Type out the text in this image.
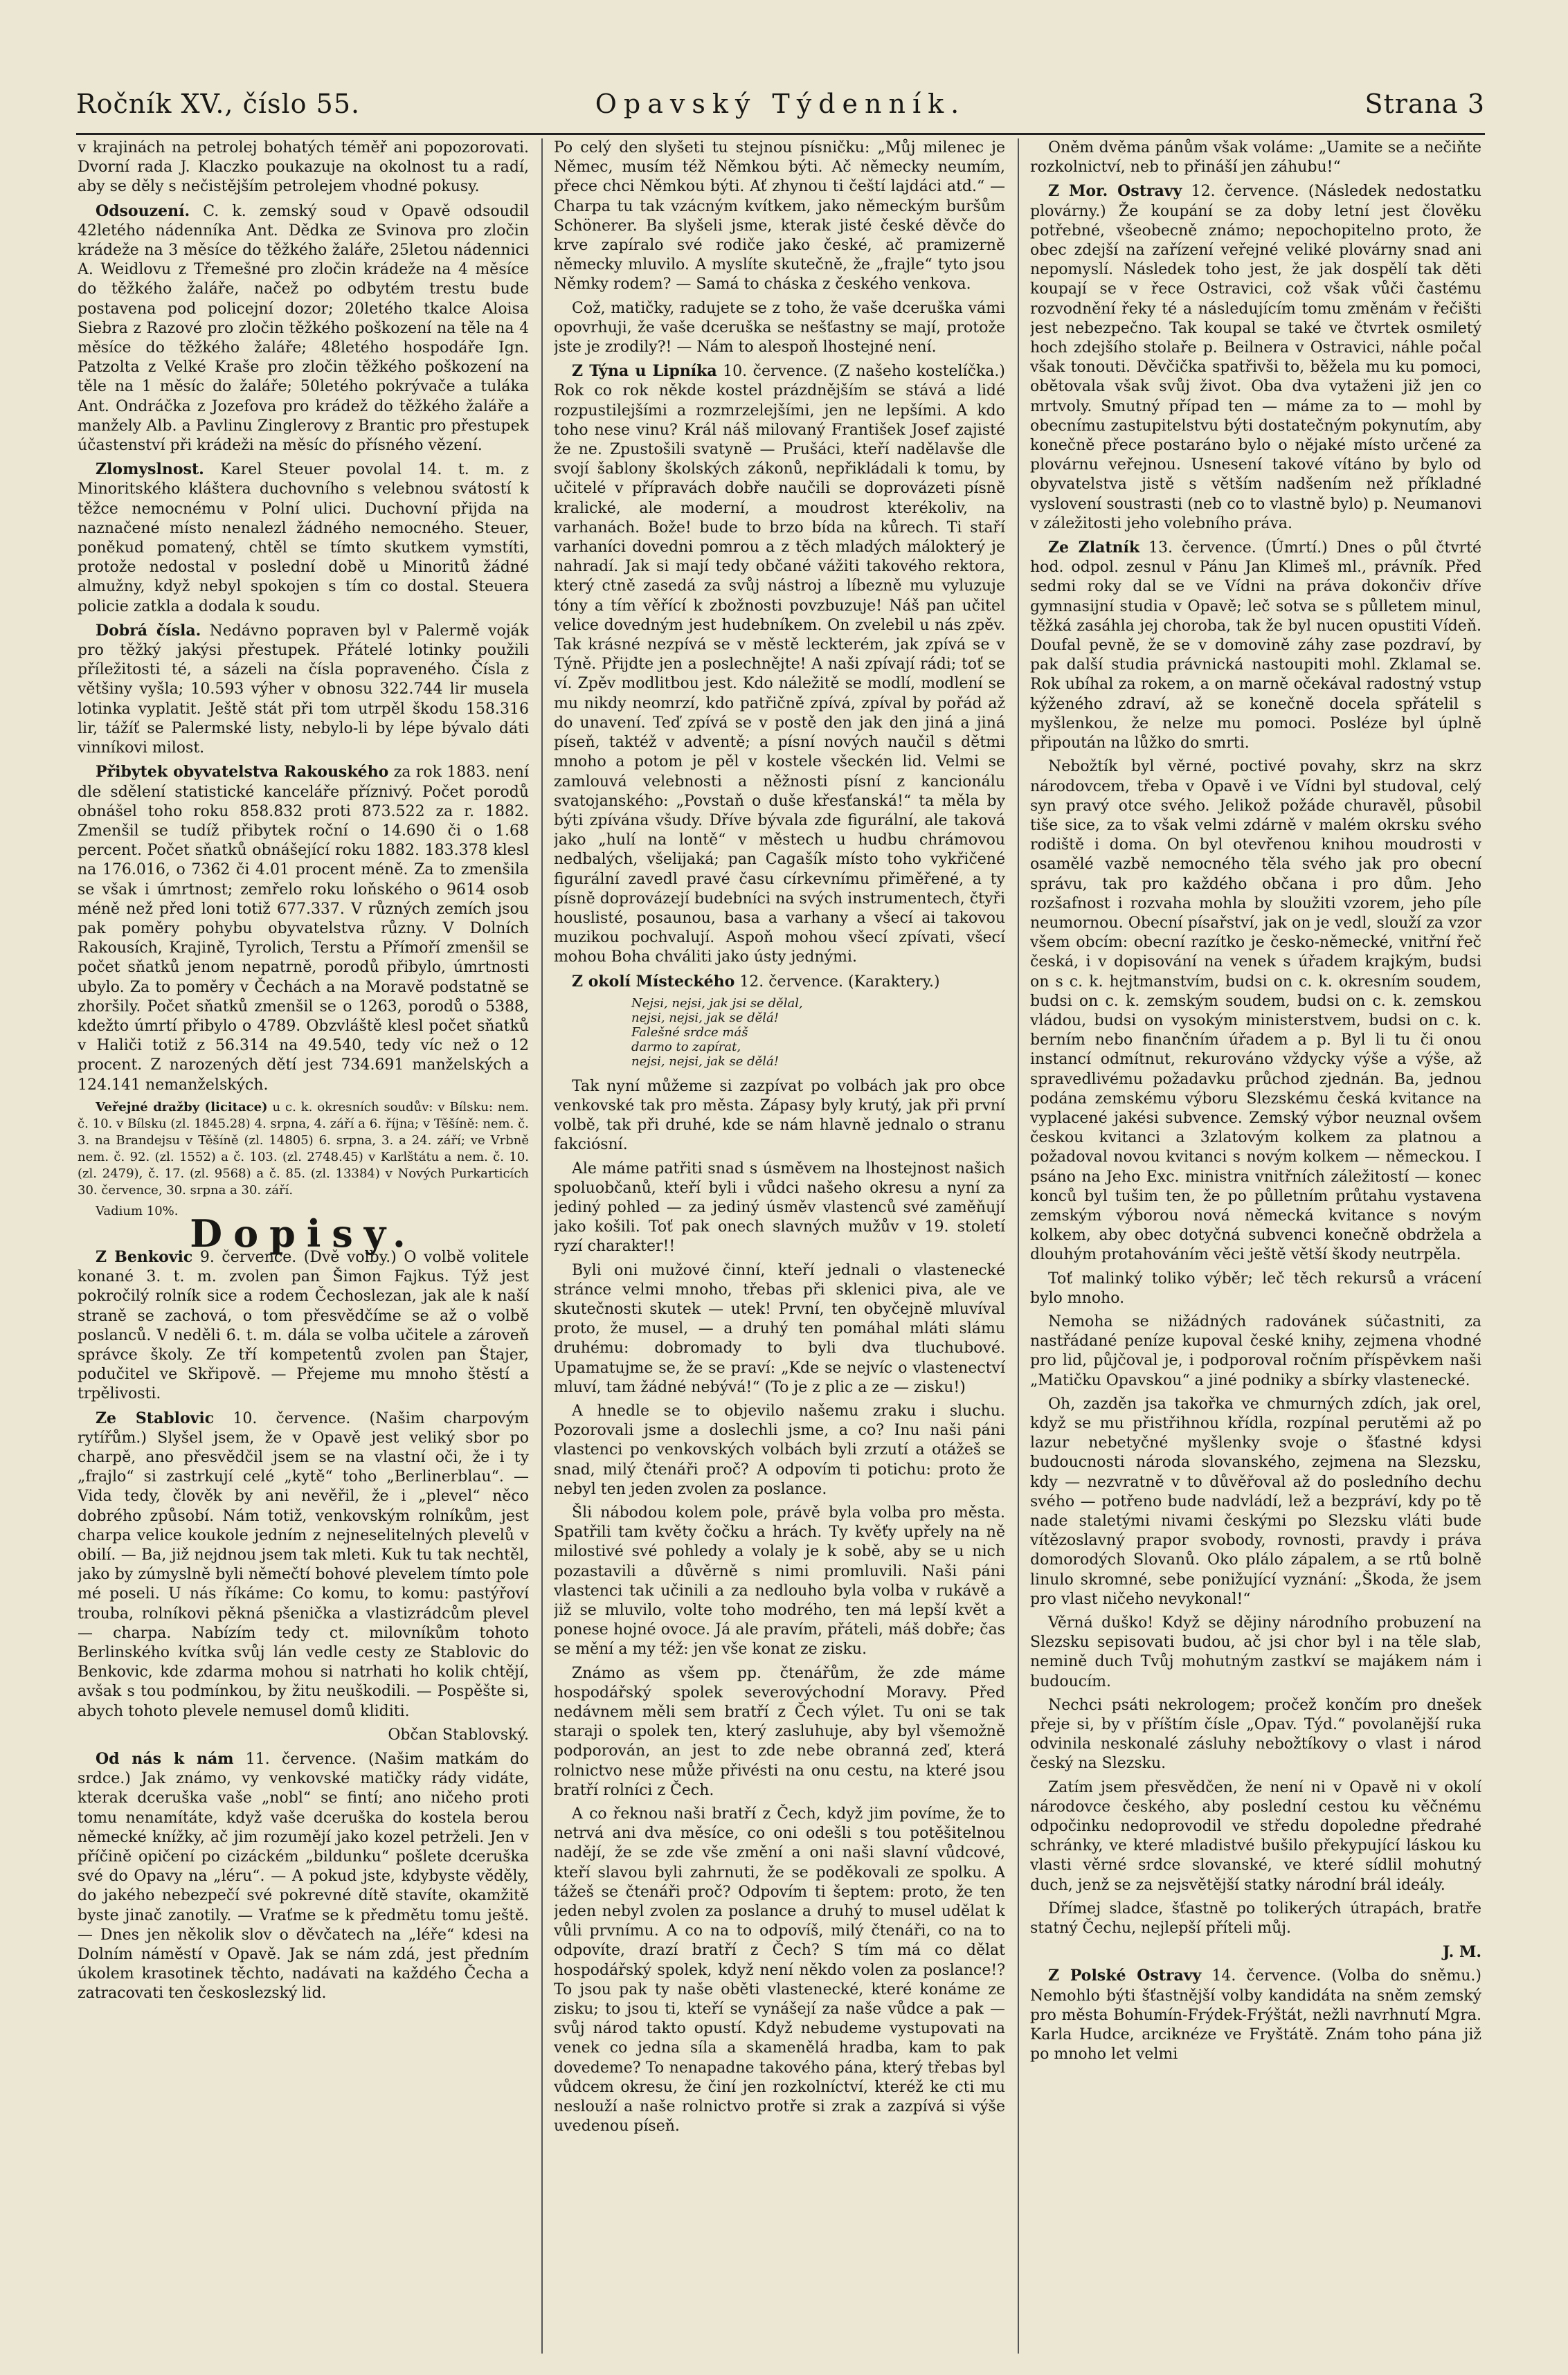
Ročník XV., číslo 55.	Opavský Týdenník.	Strana 3

v krajinách na petrolej bohatých téměř ani popozorovati. Dvorní rada J. Klaczko poukazuje na okolnost tu a radí, aby se děly s nečistějším petrolejem vhodné pokusy.

Odsouzení. C. k. zemský soud v Opavě odsoudil 42letého nádenníka Ant. Dědka ze Svinova pro zločin krádeže na 3 měsíce do těžkého žaláře, 25letou nádennici A. Weidlovu z Třemešné pro zločin krádeže na 4 měsíce do těžkého žaláře, načež po odbytém trestu bude postavena pod policejní dozor; 20letého tkalce Aloisa Siebra z Razové pro zločin těžkého poškození na těle na 4 měsíce do těžkého žaláře; 48letého hospodáře Ign. Patzolta z Velké Kraše pro zločin těžkého poškození na těle na 1 měsíc do žaláře; 50letého pokrývače a tuláka Ant. Ondráčka z Jozefova pro krádež do těžkého žaláře a manžely Alb. a Pavlinu Zinglerovy z Brantic pro přestupek účastenství při krádeži na měsíc do přísného vězení.

Zlomyslnost. Karel Steuer povolal 14. t. m. z Minoritského kláštera duchovního s velebnou svátostí k těžce nemocnému v Polní ulici. Duchovní přijda na naznačené místo nenalezl žádného nemocného. Steuer, poněkud pomatený, chtěl se tímto skutkem vymstíti, protože nedostal v poslední době u Minoritů žádné almužny, když nebyl spokojen s tím co dostal. Steuera policie zatkla a dodala k soudu.

Dobrá čísla. Nedávno popraven byl v Palermě voják pro těžký jakýsi přestupek. Přátelé lotinky použili příležitosti té, a sázeli na čísla popraveného. Čísla z většiny vyšla; 10.593 výher v obnosu 322.744 lir musela lotinka vyplatit. Ještě stát při tom utrpěl škodu 158.316 lir, tážíť se Palermské listy, nebylo-li by lépe bývalo dáti vinníkovi milost.

Přibytek obyvatelstva Rakouského za rok 1883. není dle sdělení statistické kanceláře příznivý. Počet porodů obnášel toho roku 858.832 proti 873.522 za r. 1882. Zmenšil se tudíž přibytek roční o 14.690 či o 1.68 percent. Počet sňatků obnášející roku 1882. 183.378 klesl na 176.016, o 7362 či 4.01 procent méně. Za to zmenšila se však i úmrtnost; zemřelo roku loňského o 9614 osob méně než před loni totiž 677.337. V různých zemích jsou pak poměry pohybu obyvatelstva různy. V Dolních Rakousích, Krajině, Tyrolich, Terstu a Přímoří zmenšil se počet sňatků jenom nepatrně, porodů přibylo, úmrtnosti ubylo. Za to poměry v Čechách a na Moravě podstatně se zhoršily. Počet sňatků zmenšil se o 1263, porodů o 5388, kdežto úmrtí přibylo o 4789. Obzvláště klesl počet sňatků v Haliči totiž z 56.314 na 49.540, tedy víc než o 12 procent. Z narozených dětí jest 734.691 manželských a 124.141 nemanželských.

Veřejné dražby (licitace) u c. k. okresních soudův: v Bílsku: nem. č. 10. v Bílsku (zl. 1845.28) 4. srpna, 4. září a 6. října; v Těšíně: nem. č. 3. na Brandejsu v Těšíně (zl. 14805) 6. srpna, 3. a 24. září; ve Vrbně nem. č. 92. (zl. 1552) a č. 103. (zl. 2748.45) v Karlštátu a nem. č. 10. (zl. 2479), č. 17. (zl. 9568) a č. 85. (zl. 13384) v Nových Purkarticích 30. července, 30. srpna a 30. září.

Vadium 10%.

Dopisy.

Z Benkovic 9. července. (Dvě volby.) O volbě volitele konané 3. t. m. zvolen pan Šimon Fajkus. Týž jest pokročilý rolník sice a rodem Čechoslezan, jak ale k naší straně se zachová, o tom přesvědčíme se až o volbě poslanců. V neděli 6. t. m. dála se volba učitele a zároveň správce školy. Ze tří kompetentů zvolen pan Štajer, podučitel ve Skřipově. — Přejeme mu mnoho štěstí a trpělivosti.

Ze Stablovic 10. července. (Našim charpovým rytířům.) Slyšel jsem, že v Opavě jest veliký sbor po charpě, ano přesvědčil jsem se na vlastní oči, že i ty „frajlo“ si zastrkují celé „kytě“ toho „Berlinerblau“. — Vida tedy, člověk by ani nevěřil, že i „plevel“ něco dobrého způsobí. Nám totiž, venkovským rolníkům, jest charpa velice koukole jedním z nejneselitelných plevelů v obilí. — Ba, již nejdnou jsem tak mleti. Kuk tu tak nechtěl, jako by zúmyslně byli němečtí bohové plevelem tímto pole mé poseli. U nás říkáme: Co komu, to komu: pastýřoví trouba, rolníkovi pěkná pšenička a vlastizrádcům plevel — charpa. Nabízím tedy ct. milovníkům tohoto Berlinského kvítka svůj lán vedle cesty ze Stablovic do Benkovic, kde zdarma mohou si natrhati ho kolik chtějí, avšak s tou podmínkou, by žitu neuškodili. — Pospěšte si, abych tohoto plevele nemusel domů kliditi.

Občan Stablovský.

Od nás k nám 11. července. (Našim matkám do srdce.) Jak známo, vy venkovské matičky rády vidáte, kterak dceruška vaše „nobl“ se fintí; ano ničeho proti tomu nenamítáte, když vaše dceruška do kostela berou německé knížky, ač jim rozumějí jako kozel petrželi. Jen v příčině opičení po cizáckém „bildunku“ pošlete dceruška své do Opavy na „léru“. — A pokud jste, kdybyste věděly, do jakého nebezpečí své pokrevné dítě stavíte, okamžitě byste jinač zanotily. — Vraťme se k předmětu tomu ještě. — Dnes jen několik slov o děvčatech na „léře“ kdesi na Dolním náměstí v Opavě. Jak se nám zdá, jest předním úkolem krasotinek těchto, nadávati na každého Čecha a zatracovati ten českoslezský lid.

Po celý den slyšeti tu stejnou písničku: „Můj milenec je Němec, musím též Němkou býti. Ač německy neumím, přece chci Němkou býti. Ať zhynou ti čeští lajdáci atd.“ — Charpa tu tak vzácným kvítkem, jako německým buršům Schönerer. Ba slyšeli jsme, kterak jisté české děvče do krve zapíralo své rodiče jako české, ač pramizerně německy mluvilo. A myslíte skutečně, že „frajle“ tyto jsou Němky rodem? — Samá to cháska z českého venkova.

Což, matičky, radujete se z toho, že vaše dceruška vámi opovrhuji, že vaše dceruška se nešťastny se mají, protože jste je zrodily?! — Nám to alespoň lhostejné není.

Z Týna u Lipníka 10. července. (Z našeho kostelíčka.) Rok co rok někde kostel prázdnějším se stává a lidé rozpustilejšími a rozmrzelejšími, jen ne lepšími. A kdo toho nese vinu? Král náš milovaný František Josef zajisté že ne. Zpustošili svatyně — Prušáci, kteří nadělavše dle svojí šablony školských zákonů, nepřikládali k tomu, by učitelé v přípravách dobře naučili se doprovázeti písně kralické, ale moderní, a moudrost kterékoliv, na varhanách. Bože! bude to brzo bída na kůrech. Ti staří varhaníci dovedni pomrou a z těch mladých málokterý je nahradí. Jak si mají tedy občané vážiti takového rektora, který ctně zasedá za svůj nástroj a líbezně mu vyluzuje tóny a tím věřící k zbožnosti povzbuzuje! Náš pan učitel velice dovedným jest hudebníkem. On zvelebil u nás zpěv. Tak krásné nezpívá se v městě leckterém, jak zpívá se v Týně. Přijdte jen a poslechnějte! A naši zpívají rádi; toť se ví. Zpěv modlitbou jest. Kdo náležitě se modlí, modlení se mu nikdy neomrzí, kdo patřičně zpívá, zpíval by pořád až do unavení. Teď zpívá se v postě den jak den jiná a jiná píseň, taktéž v adventě; a písní nových naučil s dětmi mnoho a potom je pěl v kostele všeckén lid. Velmi se zamlouvá velebnosti a něžnosti písní z kancionálu svatojanského: „Povstaň o duše křesťanská!“ ta měla by býti zpívána všudy. Dříve bývala zde figurální, ale taková jako „hulí na lontě“ v městech u hudbu chrámovou nedbalých, všelijaká; pan Cagašík místo toho vykřičené figurální zavedl pravé času církevnímu přiměřené, a ty písně doprovázejí budebníci na svých instrumentech, čtyři houslisté, posaunou, basa a varhany a všecí ai takovou muzikou pochvalují. Aspoň mohou všecí zpívati, všecí mohou Boha chváliti jako ústy jednými.

Z okolí Místeckého 12. července. (Karaktery.)

Nejsi, nejsi, jak jsi se dělal,
nejsi, nejsi, jak se dělá!
Falešné srdce máš
darmo to zapírat,
nejsi, nejsi, jak se dělá!

Tak nyní můžeme si zazpívat po volbách jak pro obce venkovské tak pro města. Zápasy byly krutý, jak při první volbě, tak při druhé, kde se nám hlavně jednalo o stranu fakciósní.

Ale máme patřiti snad s úsměvem na lhostejnost našich spoluobčanů, kteří byli i vůdci našeho okresu a nyní za jediný pohled — za jediný úsměv vlastenců své zaměňují jako košili. Toť pak onech slavných mužův v 19. století ryzí charakter!!

Byli oni mužové činní, kteří jednali o vlastenecké stránce velmi mnoho, třebas při sklenici piva, ale ve skutečnosti skutek — utek! První, ten obyčejně mluvíval proto, že musel, — a druhý ten pomáhal mláti slámu druhému: dobromady to byli dva tluchubové. Upamatujme se, že se praví: „Kde se nejvíc o vlastenectví mluví, tam žádné nebývá!“ (To je z plic a ze — zisku!)

A hnedle se to objevilo našemu zraku i sluchu. Pozorovali jsme a doslechli jsme, a co? Inu naši páni vlastenci po venkovských volbách byli zrzutí a otážeš se snad, milý čtenáři proč? A odpovím ti potichu: proto že nebyl ten jeden zvolen za poslance.

Šli nábodou kolem pole, právě byla volba pro města. Spatřili tam květy čočku a hrách. Ty kvěťy upřely na ně milostivé své pohledy a volaly je k sobě, aby se u nich pozastavili a důvěrně s nimi promluvili. Naši páni vlastenci tak učinili a za nedlouho byla volba v rukávě a již se mluvilo, volte toho modrého, ten má lepší květ a ponese hojné ovoce. Já ale pravím, přáteli, máš dobře; čas se mění a my též: jen vše konat ze zisku.

Známo as všem pp. čtenářům, že zde máme hospodářský spolek severovýchodní Moravy. Před nedávnem měli sem bratří z Čech výlet. Tu oni se tak staraji o spolek ten, který zasluhuje, aby byl všemožně podporován, an jest to zde nebe obranná zeď, která rolnictvo nese může přivésti na onu cestu, na které jsou bratří rolníci z Čech.

A co řeknou naši bratří z Čech, když jim povíme, že to netrvá ani dva měsíce, co oni odešli s tou potěšitelnou nadějí, že se zde vše změní a oni naši slavní vůdcové, kteří slavou byli zahrnuti, že se poděkovali ze spolku. A tážeš se čtenáři proč? Odpovím ti šeptem: proto, že ten jeden nebyl zvolen za poslance a druhý to musel udělat k vůli prvnímu. A co na to odpovíš, milý čtenáři, co na to odpovíte, drazí bratří z Čech? S tím má co dělat hospodářský spolek, když není někdo volen za poslance!? To jsou pak ty naše oběti vlastenecké, které konáme ze zisku; to jsou ti, kteří se vynášejí za naše vůdce a pak — svůj národ takto opustí. Když nebudeme vystupovati na venek co jedna síla a skamenělá hradba, kam to pak dovedeme? To nenapadne takového pána, který třebas byl vůdcem okresu, že činí jen rozkolníctví, kteréž ke cti mu neslouží a naše rolnictvo protře si zrak a zazpívá si výše uvedenou píseň.

Oněm dvěma pánům však voláme: „Uamite se a nečiňte rozkolnictví, neb to přináší jen záhubu!“

Z Mor. Ostravy 12. července. (Následek nedostatku plovárny.) Že koupání se za doby letní jest člověku potřebné, všeobecně známo; nepochopitelno proto, že obec zdejší na zařízení veřejné veliké plovárny snad ani nepomyslí. Následek toho jest, že jak dospělí tak děti koupají se v řece Ostravici, což však vůči častému rozvodnění řeky té a následujícím tomu změnám v řečišti jest nebezpečno. Tak koupal se také ve čtvrtek osmiletý hoch zdejšího stolaře p. Beilnera v Ostravici, náhle počal však tonouti. Děvčička spatřivši to, běžela mu ku pomoci, obětovala však svůj život. Oba dva vytaženi již jen co mrtvoly. Smutný případ ten — máme za to — mohl by obecnímu zastupitelstvu býti dostatečným pokynutím, aby konečně přece postaráno bylo o nějaké místo určené za plovárnu veřejnou. Usnesení takové vítáno by bylo od obyvatelstva jistě s větším nadšením než příkladné vyslovení soustrasti (neb co to vlastně bylo) p. Neumanovi v záležitosti jeho volebního práva.

Ze Zlatník 13. července. (Úmrtí.) Dnes o půl čtvrté hod. odpol. zesnul v Pánu Jan Klimeš ml., právník. Před sedmi roky dal se ve Vídni na práva dokončiv dříve gymnasijní studia v Opavě; leč sotva se s půlletem minul, těžká zasáhla jej choroba, tak že byl nucen opustiti Vídeň. Doufal pevně, že se v domovině záhy zase pozdraví, by pak další studia právnická nastoupiti mohl. Zklamal se. Rok ubíhal za rokem, a on marně očekával radostný vstup kýženého zdraví, až se konečně docela spřátelil s myšlenkou, že nelze mu pomoci. Posléze byl úplně připoután na lůžko do smrti.

Nebožtík byl věrné, poctivé povahy, skrz na skrz národovcem, třeba v Opavě i ve Vídni byl studoval, celý syn pravý otce svého. Jelikož požáde churavěl, působil tiše sice, za to však velmi zdárně v malém okrsku svého rodiště i doma. On byl otevřenou knihou moudrosti v osamělé vazbě nemocného těla svého jak pro obecní správu, tak pro každého občana i pro dům. Jeho rozšafnost i rozvaha mohla by sloužiti vzorem, jeho píle neumornou. Obecní písařství, jak on je vedl, slouží za vzor všem obcím: obecní razítko je česko-německé, vnitřní řeč česká, i v dopisování na venek s úřadem krajkým, budsi on s c. k. hejtmanstvím, budsi on c. k. okresním soudem, budsi on c. k. zemským soudem, budsi on c. k. zemskou vládou, budsi on vysokým ministerstvem, budsi on c. k. berním nebo finančním úřadem a p. Byl li tu či onou instancí odmítnut, rekurováno vždycky výše a výše, až spravedlivému požadavku průchod zjednán. Ba, jednou podána zemskému výboru Slezskému česká kvitance na vyplacené jakési subvence. Zemský výbor neuznal ovšem českou kvitanci a 3zlatovým kolkem za platnou a požadoval novou kvitanci s novým kolkem — německou. I psáno na Jeho Exc. ministra vnitřních záležitostí — konec konců byl tušim ten, že po půlletním průtahu vystavena zemským výborou nová německá kvitance s novým kolkem, aby obec dotyčná subvenci konečně obdržela a dlouhým protahováním věci ještě větší škody neutrpěla.

Toť malinký toliko výběr; leč těch rekursů a vrácení bylo mnoho.

Nemoha se nižádných radovánek súčastniti, za nastřádané peníze kupoval české knihy, zejmena vhodné pro lid, půjčoval je, i podporoval ročním příspěvkem naši „Matičku Opavskou“ a jiné podniky a sbírky vlastenecké.

Oh, zazděn jsa takořka ve chmurných zdích, jak orel, když se mu přistřihnou křídla, rozpínal perutěmi až po lazur nebetyčné myšlenky svoje o šťastné kdysi budoucnosti národa slovanského, zejmena na Slezsku, kdy — nezvratně v to důvěřoval až do posledního dechu svého — potřeno bude nadvládí, lež a bezpráví, kdy po tě nade staletými nivami českými po Slezsku vláti bude vítězoslavný prapor svobody, rovnosti, pravdy i práva domorodých Slovanů. Oko plálo zápalem, a se rtů bolně linulo skromné, sebe ponižující vyznání: „Škoda, že jsem pro vlast ničeho nevykonal!“

Věrná duško! Když se dějiny národního probuzení na Slezsku sepisovati budou, ač jsi chor byl i na těle slab, nemině duch Tvůj mohutným zastkví se majákem nám i budoucím.

Nechci psáti nekrologem; pročež končím pro dnešek přeje si, by v příštím čísle „Opav. Týd.“ povolanější ruka odvinila neskonalé zásluhy nebožtíkovy o vlast i národ český na Slezsku.

Zatím jsem přesvědčen, že není ni v Opavě ni v okolí národovce českého, aby poslední cestou ku věčnému odpočinku nedoprovodil ve středu dopoledne předrahé schránky, ve které mladistvé bušilo překypující láskou ku vlasti věrné srdce slovanské, ve které sídlil mohutný duch, jenž se za nejsvětější statky národní brál ideály.

Dřímej sladce, šťastně po tolikerých útrapách, bratře statný Čechu, nejlepší příteli můj.

J. M.

Z Polské Ostravy 14. července. (Volba do sněmu.) Nemohlo býti šťastnější volby kandidáta na sněm zemský pro města Bohumín-Frýdek-Frýštát, nežli navrhnutí Mgra. Karla Hudce, arciknéze ve Fryštátě. Znám toho pána již po mnoho let velmi
